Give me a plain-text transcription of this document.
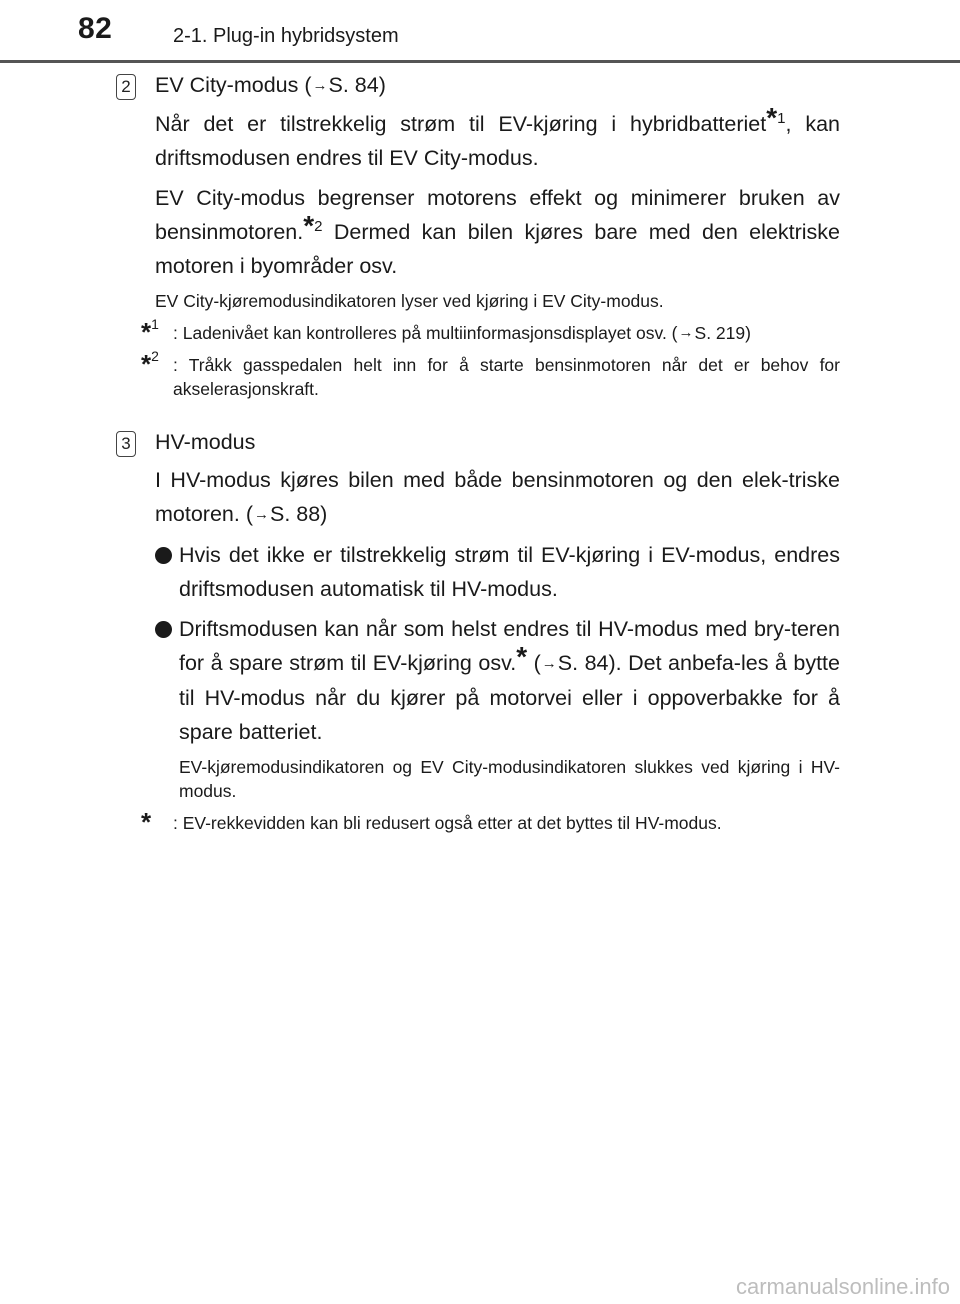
82	2-1. Plug-in hybridsystem
2 EV City-modus (→S. 84)

Når det er tilstrekkelig strøm til EV-kjøring i hybridbatteriet$^{*1}$, kan driftsmodusen endres til EV City-modus.

EV City-modus begrenser motorens effekt og minimerer bruken av bensinmotoren.$^{*2}$ Dermed kan bilen kjøres bare med den elektriske motoren i byområder osv.

EV City-kjøremodusindikatoren lyser ved kjøring i EV City-modus.

*$^1$ : Ladenivået kan kontrolleres på multiinformasjonsdisplayet osv. (→S. 219)
*$^2$ : Tråkk gasspedalen helt inn for å starte bensinmotoren når det er behov for akselerasjonskraft.
3 HV-modus

I HV-modus kjøres bilen med både bensinmotoren og den elek-triske motoren. (→S. 88)

Hvis det ikke er tilstrekkelig strøm til EV-kjøring i EV-modus, endres driftsmodusen automatisk til HV-modus.
Driftsmodusen kan når som helst endres til HV-modus med bry-teren for å spare strøm til EV-kjøring osv.* (→S. 84). Det anbefa-les å bytte til HV-modus når du kjører på motorvei eller i oppoverbakke for å spare batteriet.

EV-kjøremodusindikatoren og EV City-modusindikatoren slukkes ved kjøring i HV-modus.

* : EV-rekkevidden kan bli redusert også etter at det byttes til HV-modus.
carmanualsonline.info
